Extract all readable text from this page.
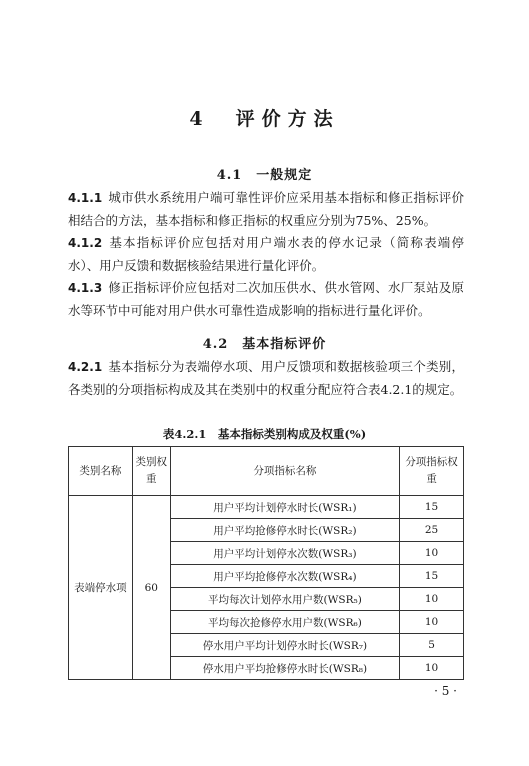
4　评价方法
4.1　一般规定
4.1.1 城市供水系统用户端可靠性评价应采用基本指标和修正指标评价相结合的方法，基本指标和修正指标的权重应分别为75%、25%。
4.1.2 基本指标评价应包括对用户端水表的停水记录（简称表端停水）、用户反馈和数据核验结果进行量化评价。
4.1.3 修正指标评价应包括对二次加压供水、供水管网、水厂泵站及原水等环节中可能对用户供水可靠性造成影响的指标进行量化评价。
4.2　基本指标评价
4.2.1 基本指标分为表端停水项、用户反馈项和数据核验项三个类别，各类别的分项指标构成及其在类别中的权重分配应符合表4.2.1的规定。
表4.2.1　基本指标类别构成及权重(%)
类别名称	类别权重	分项指标名称	分项指标权重
表端停水项	60	用户平均计划停水时长(WSR₁)	15
		用户平均抢修停水时长(WSR₂)	25
		用户平均计划停水次数(WSR₃)	10
		用户平均抢修停水次数(WSR₄)	15
		平均每次计划停水用户数(WSR₅)	10
		平均每次抢修停水用户数(WSR₆)	10
		停水用户平均计划停水时长(WSR₇)	5
		停水用户平均抢修停水时长(WSR₈)	10
· 5 ·
